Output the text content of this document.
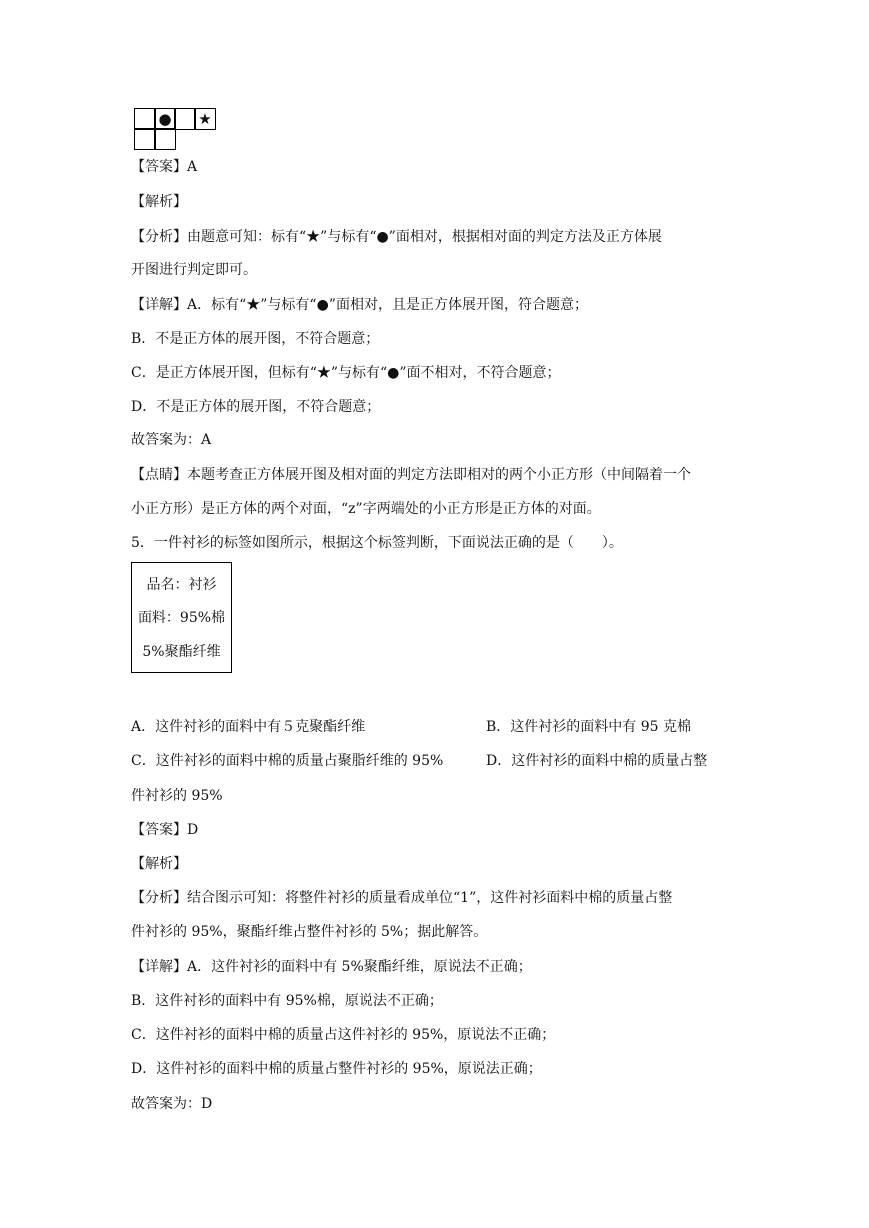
● ★
【答案】A
【解析】
【分析】由题意可知：标有“★”与标有“●”面相对，根据相对面的判定方法及正方体展
开图进行判定即可。
【详解】A．标有“★”与标有“●”面相对，且是正方体展开图，符合题意；
B．不是正方体的展开图，不符合题意；
C．是正方体展开图，但标有“★”与标有“●”面不相对，不符合题意；
D．不是正方体的展开图，不符合题意；
故答案为：A
【点睛】本题考查正方体展开图及相对面的判定方法即相对的两个小正方形（中间隔着一个
小正方形）是正方体的两个对面，“z”字两端处的小正方形是正方体的对面。
5．一件衬衫的标签如图所示，根据这个标签判断，下面说法正确的是（　　）。
品名：衬衫
面料：95%棉
5%聚酯纤维
A．这件衬衫的面料中有５克聚酯纤维	B．这件衬衫的面料中有 95 克棉
C．这件衬衫的面料中棉的质量占聚脂纤维的 95%	D．这件衬衫的面料中棉的质量占整
件衬衫的 95%
【答案】D
【解析】
【分析】结合图示可知：将整件衬衫的质量看成单位“1”，这件衬衫面料中棉的质量占整
件衬衫的 95%，聚酯纤维占整件衬衫的 5%；据此解答。
【详解】A．这件衬衫的面料中有 5%聚酯纤维，原说法不正确；
B．这件衬衫的面料中有 95%棉，原说法不正确；
C．这件衬衫的面料中棉的质量占这件衬衫的 95%，原说法不正确；
D．这件衬衫的面料中棉的质量占整件衬衫的 95%，原说法正确；
故答案为：D
